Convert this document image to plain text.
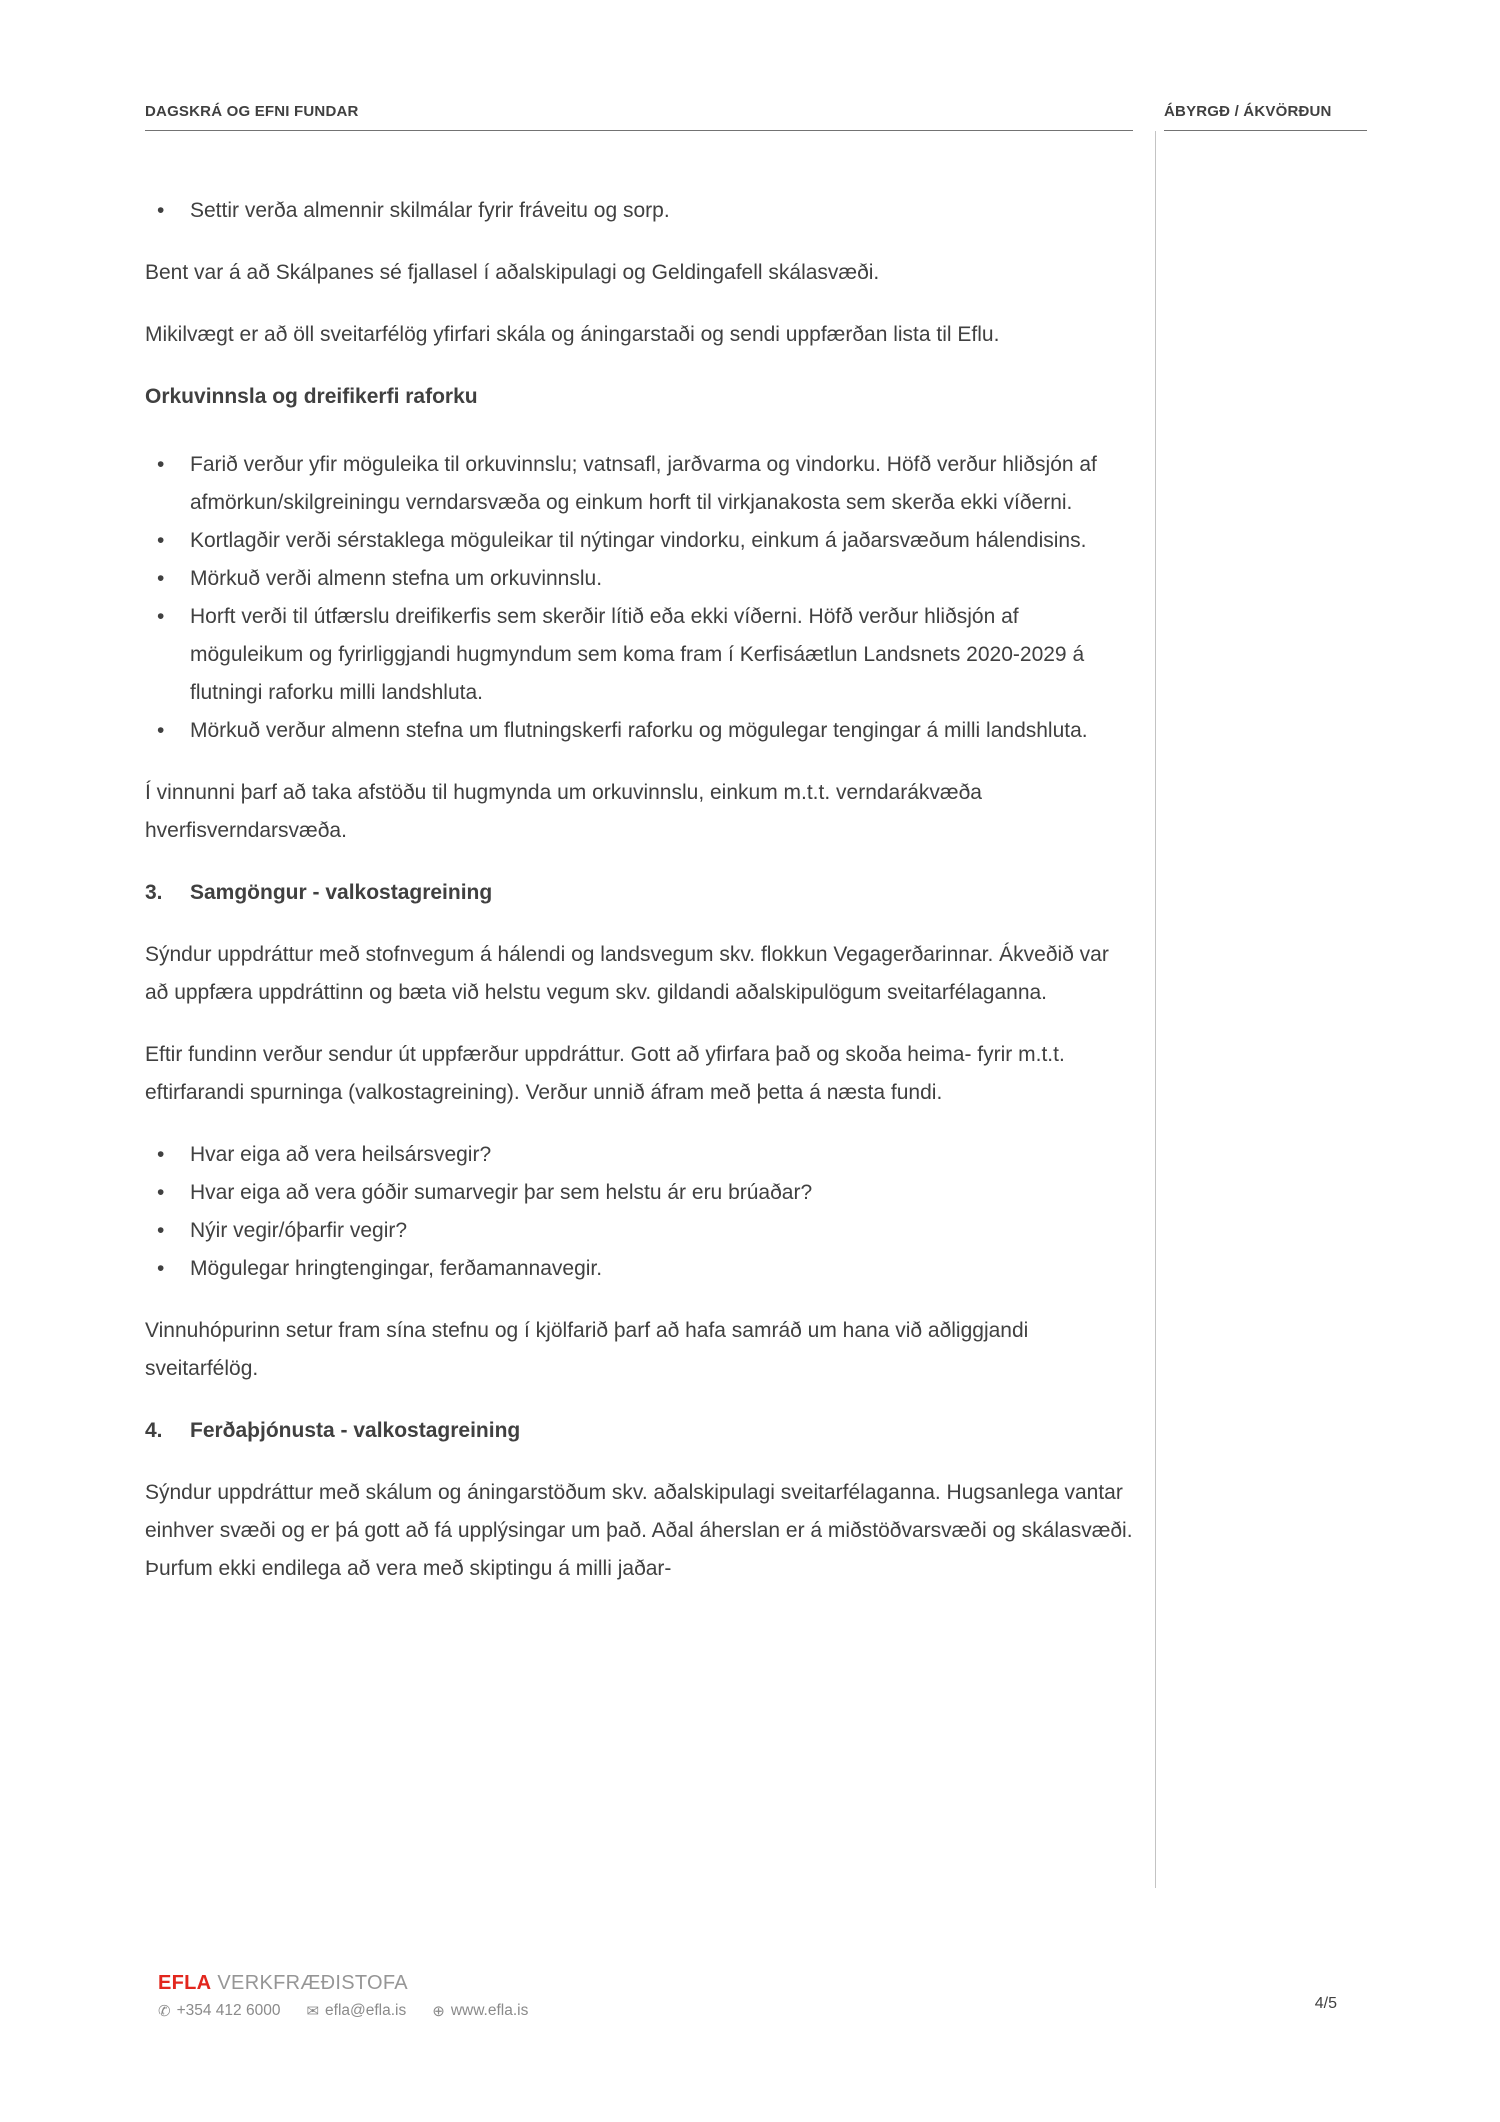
DAGSKRÁ OG EFNI FUNDAR	ÁBYRGÐ / ÁKVÖRÐUN
• Settir verða almennir skilmálar fyrir fráveitu og sorp.

Bent var á að Skálpanes sé fjallasel í aðalskipulagi og Geldingafell skálasvæði.

Mikilvægt er að öll sveitarfélög yfirfari skála og áningarstaði og sendi uppfærðan lista til Eflu.

Orkuvinnsla og dreifikerfi raforku
• Farið verður yfir möguleika til orkuvinnslu; vatnsafl, jarðvarma og vindorku. Höfð verður hliðsjón af afmörkun/skilgreiningu verndarsvæða og einkum horft til virkjanakosta sem skerða ekki víðerni.
• Kortlagðir verði sérstaklega möguleikar til nýtingar vindorku, einkum á jaðarsvæðum hálendisins.
• Mörkuð verði almenn stefna um orkuvinnslu.
• Horft verði til útfærslu dreifikerfis sem skerðir lítið eða ekki víðerni. Höfð verður hliðsjón af möguleikum og fyrirliggjandi hugmyndum sem koma fram í Kerfisáætlun Landsnets 2020-2029 á flutningi raforku milli landshluta.
• Mörkuð verður almenn stefna um flutningskerfi raforku og mögulegar tengingar á milli landshluta.

Í vinnunni þarf að taka afstöðu til hugmynda um orkuvinnslu, einkum m.t.t. verndarákvæða hverfisverndarsvæða.

3.	Samgöngur - valkostagreining

Sýndur uppdráttur með stofnvegum á hálendi og landsvegum skv. flokkun Vegagerðarinnar. Ákveðið var að uppfæra uppdráttinn og bæta við helstu vegum skv. gildandi aðalskipulögum sveitarfélaganna.

Eftir fundinn verður sendur út uppfærður uppdráttur. Gott að yfirfara það og skoða heima- fyrir m.t.t. eftirfarandi spurninga (valkostagreining). Verður unnið áfram með þetta á næsta fundi.

• Hvar eiga að vera heilsársvegir?
• Hvar eiga að vera góðir sumarvegir þar sem helstu ár eru brúaðar?
• Nýir vegir/óþarfir vegir?
• Mögulegar hringtengingar, ferðamannavegir.

Vinnuhópurinn setur fram sína stefnu og í kjölfarið þarf að hafa samráð um hana við aðliggjandi sveitarfélög.

4.	Ferðaþjónusta - valkostagreining

Sýndur uppdráttur með skálum og áningarstöðum skv. aðalskipulagi sveitarfélaganna. Hugsanlega vantar einhver svæði og er þá gott að fá upplýsingar um það. Aðal áherslan er á miðstöðvarsvæði og skálasvæði. Þurfum ekki endilega að vera með skiptingu á milli jaðar-

EFLA VERKFRÆÐISTOFA
✆ +354 412 6000 ✉ efla@efla.is ⊕ www.efla.is	4/5
